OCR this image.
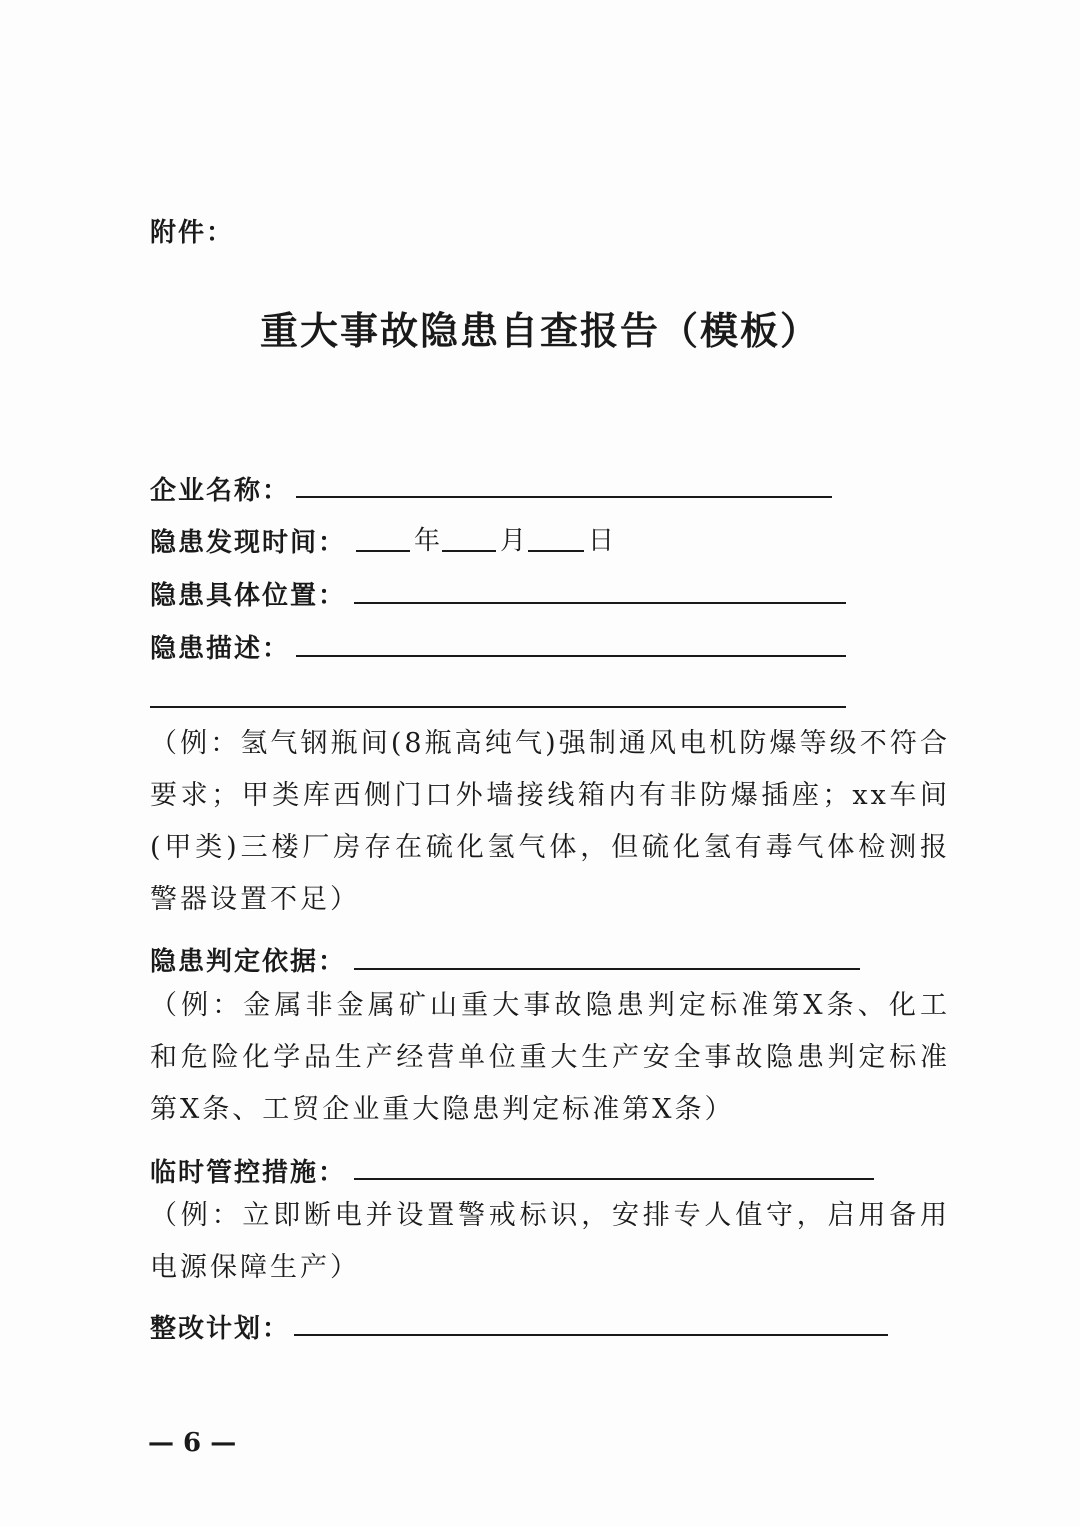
附件：
重大事故隐患自查报告（模板）
企业名称：
隐患发现时间：	年 月 日
隐患具体位置：
隐患描述：
（例：氢气钢瓶间(8瓶高纯气)强制通风电机防爆等级不符合要求；甲类库西侧门口外墙接线箱内有非防爆插座；xx车间(甲类)三楼厂房存在硫化氢气体，但硫化氢有毒气体检测报警器设置不足）
隐患判定依据：
（例：金属非金属矿山重大事故隐患判定标准第X条、化工和危险化学品生产经营单位重大生产安全事故隐患判定标准第X条、工贸企业重大隐患判定标准第X条）
临时管控措施：
（例：立即断电并设置警戒标识，安排专人值守，启用备用电源保障生产）
整改计划：
— 6 —
